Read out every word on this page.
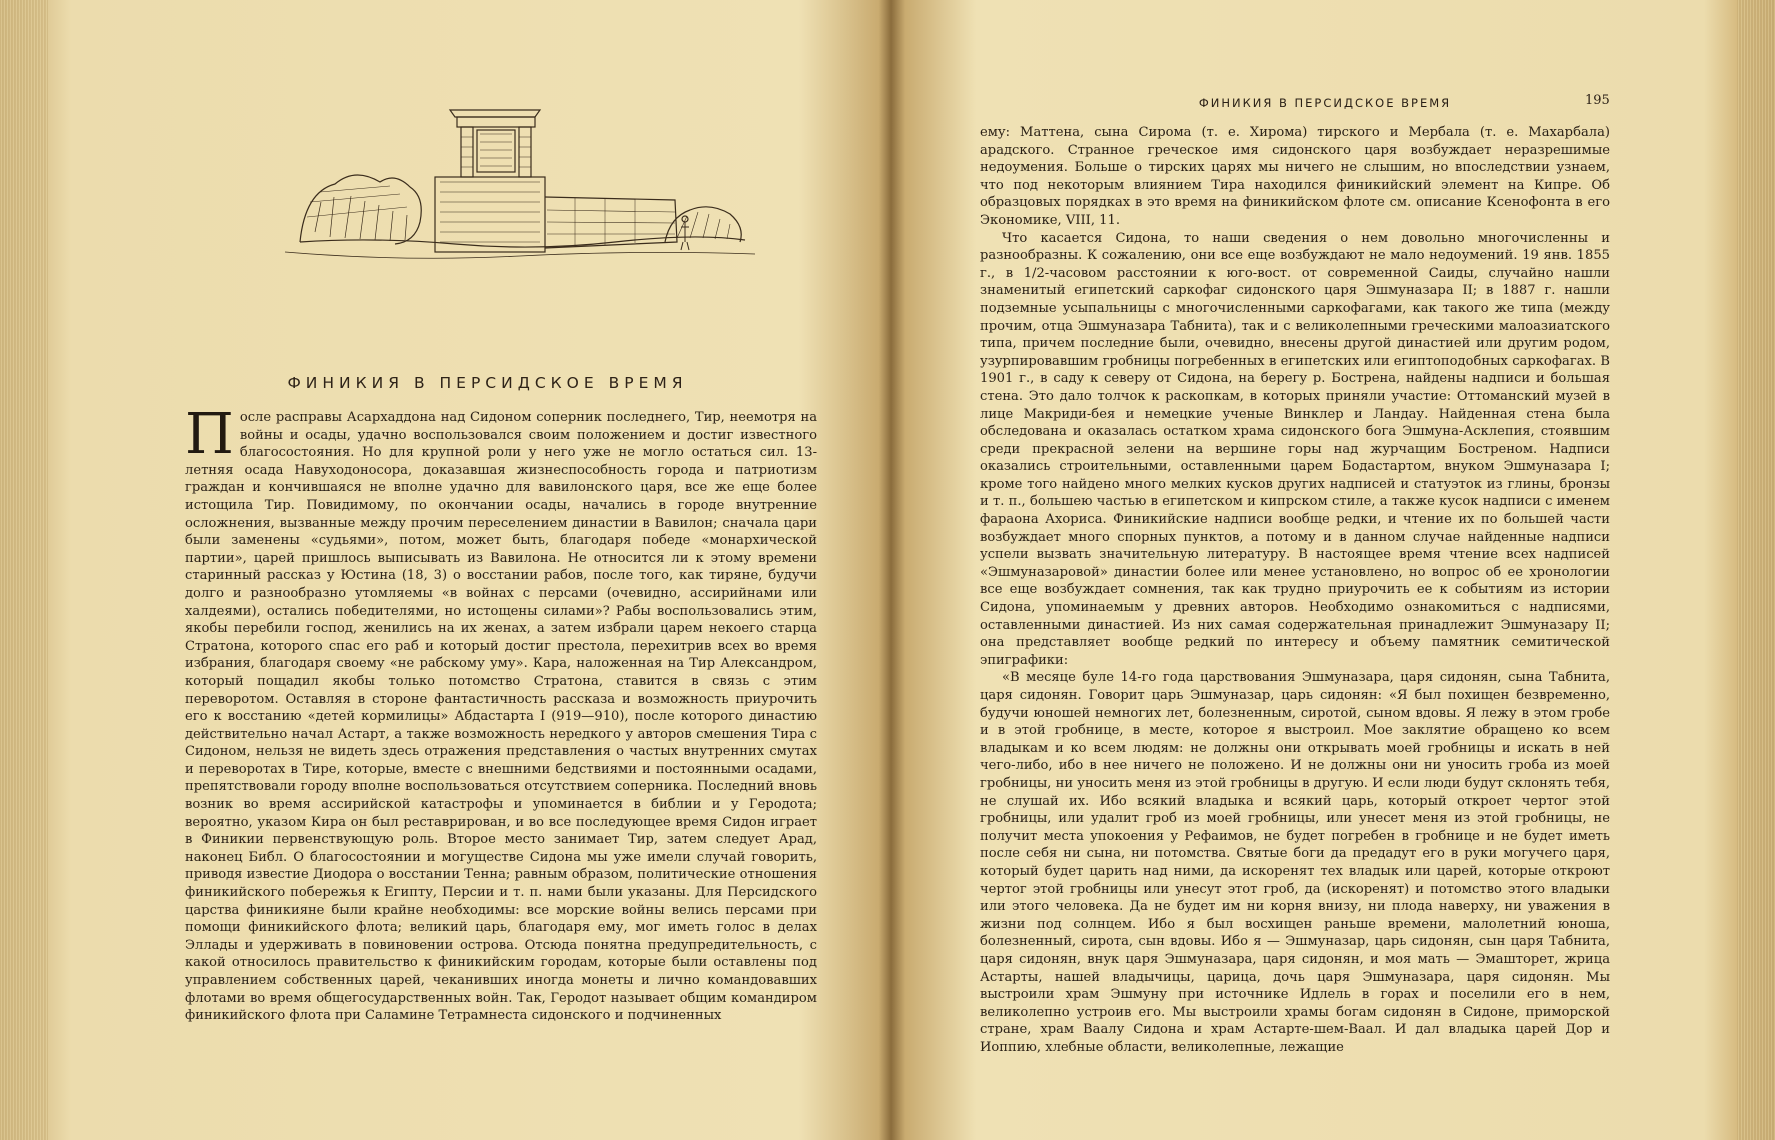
ФИНИКИЯ В ПЕРСИДСКОЕ ВРЕМЯ

После расправы Асархаддона над Сидоном соперник последнего, Тир, неемотря на войны и осады, удачно воспользовался своим положением и достиг известного благосостояния. Но для крупной роли у него уже не могло остаться сил. 13-летняя осада Навуходоносора, доказавшая жизнеспособность города и патриотизм граждан и кончившаяся не вполне удачно для вавилонского царя, все же еще более истощила Тир. Повидимому, по окончании осады, начались в городе внутренние осложнения, вызванные между прочим переселением династии в Вавилон; сначала цари были заменены «судьями», потом, может быть, благодаря победе «монархической партии», царей пришлось выписывать из Вавилона. Не относится ли к этому времени старинный рассказ у Юстина (18, 3) о восстании рабов, после того, как тиряне, будучи долго и разнообразно утомляемы «в войнах с персами (очевидно, ассирийнами или халдеями), остались победителями, но истощены силами»? Рабы воспользовались этим, якобы перебили господ, женились на их женах, а затем избрали царем некоего старца Стратона, которого спас его раб и который достиг престола, перехитрив всех во время избрания, благодаря своему «не рабскому уму». Кара, наложенная на Тир Александром, который пощадил якобы только потомство Стратона, ставится в связь с этим переворотом. Оставляя в стороне фантастичность рассказа и возможность приурочить его к восстанию «детей кормилицы» Абдастарта I (919—910), после которого династию действительно начал Астарт, а также возможность нередкого у авторов смешения Тира с Сидоном, нельзя не видеть здесь отражения представления о частых внутренних смутах и переворотах в Тире, которые, вместе с внешними бедствиями и постоянными осадами, препятствовали городу вполне воспользоваться отсутствием соперника. Последний вновь возник во время ассирийской катастрофы и упоминается в библии и у Геродота; вероятно, указом Кира он был реставрирован, и во все последующее время Сидон играет в Финикии первенствующую роль. Второе место занимает Тир, затем следует Арад, наконец Библ. О благосостоянии и могуществе Сидона мы уже имели случай говорить, приводя известие Диодора о восстании Тенна; равным образом, политические отношения финикийского побережья к Египту, Персии и т. п. нами были указаны. Для Персидского царства финикияне были крайне необходимы: все морские войны велись персами при помощи финикийского флота; великий царь, благодаря ему, мог иметь голос в делах Эллады и удерживать в повиновении острова. Отсюда понятна предупредительность, с какой относилось правительство к финикийским городам, которые были оставлены под управлением собственных царей, чеканивших иногда монеты и лично командовавших флотами во время общегосударственных войн. Так, Геродот называет общим командиром финикийского флота при Саламине Тетрамнеста сидонского и подчиненных

ФИНИКИЯ В ПЕРСИДСКОЕ ВРЕМЯ	195

ему: Маттена, сына Сирома (т. е. Хирома) тирского и Мербала (т. е. Махарбала) арадского. Странное греческое имя сидонского царя возбуждает неразрешимые недоумения. Больше о тирских царях мы ничего не слышим, но впоследствии узнаем, что под некоторым влиянием Тира находился финикийский элемент на Кипре. Об образцовых порядках в это время на финикийском флоте см. описание Ксенофонта в его Экономике, VIII, 11.

Что касается Сидона, то наши сведения о нем довольно многочисленны и разнообразны. К сожалению, они все еще возбуждают не мало недоумений. 19 янв. 1855 г., в 1/2-часовом расстоянии к юго-вост. от современной Саиды, случайно нашли знаменитый египетский саркофаг сидонского царя Эшмуназара II; в 1887 г. нашли подземные усыпальницы с многочисленными саркофагами, как такого же типа (между прочим, отца Эшмуназара Табнита), так и с великолепными греческими малоазиатского типа, причем последние были, очевидно, внесены другой династией или другим родом, узурпировавшим гробницы погребенных в египетских или египтоподобных саркофагах. В 1901 г., в саду к северу от Сидона, на берегу р. Бострена, найдены надписи и большая стена. Это дало толчок к раскопкам, в которых приняли участие: Оттоманский музей в лице Макриди-бея и немецкие ученые Винклер и Ландау. Найденная стена была обследована и оказалась остатком храма сидонского бога Эшмуна-Асклепия, стоявшим среди прекрасной зелени на вершине горы над журчащим Бостреном. Надписи оказались строительными, оставленными царем Бодастартом, внуком Эшмуназара I; кроме того найдено много мелких кусков других надписей и статуэток из глины, бронзы и т. п., большею частью в египетском и кипрском стиле, а также кусок надписи с именем фараона Ахориса. Финикийские надписи вообще редки, и чтение их по большей части возбуждает много спорных пунктов, а потому и в данном случае найденные надписи успели вызвать значительную литературу. В настоящее время чтение всех надписей «Эшмуназаровой» династии более или менее установлено, но вопрос об ее хронологии все еще возбуждает сомнения, так как трудно приурочить ее к событиям из истории Сидона, упоминаемым у древних авторов. Необходимо ознакомиться с надписями, оставленными династией. Из них самая содержательная принадлежит Эшмуназару II; она представляет вообще редкий по интересу и объему памятник семитической эпиграфики:

«В месяце буле 14-го года царствования Эшмуназара, царя сидонян, сына Табнита, царя сидонян. Говорит царь Эшмуназар, царь сидонян: «Я был похищен безвременно, будучи юношей немногих лет, болезненным, сиротой, сыном вдовы. Я лежу в этом гробе и в этой гробнице, в месте, которое я выстроил. Мое заклятие обращено ко всем владыкам и ко всем людям: не должны они открывать моей гробницы и искать в ней чего-либо, ибо в нее ничего не положено. И не должны они ни уносить гроба из моей гробницы, ни уносить меня из этой гробницы в другую. И если люди будут склонять тебя, не слушай их. Ибо всякий владыка и всякий царь, который откроет чертог этой гробницы, или удалит гроб из моей гробницы, или унесет меня из этой гробницы, не получит места упокоения у Рефаимов, не будет погребен в гробнице и не будет иметь после себя ни сына, ни потомства. Святые боги да предадут его в руки могучего царя, который будет царить над ними, да искоренят тех владык или царей, которые откроют чертог этой гробницы или унесут этот гроб, да (искоренят) и потомство этого владыки или этого человека. Да не будет им ни корня внизу, ни плода наверху, ни уважения в жизни под солнцем. Ибо я был восхищен раньше времени, малолетний юноша, болезненный, сирота, сын вдовы. Ибо я — Эшмуназар, царь сидонян, сын царя Табнита, царя сидонян, внук царя Эшмуназара, царя сидонян, и моя мать — Эмашторет, жрица Астарты, нашей владычицы, царица, дочь царя Эшмуназара, царя сидонян. Мы выстроили храм Эшмуну при источнике Идлель в горах и поселили его в нем, великолепно устроив его. Мы выстроили храмы богам сидонян в Сидоне, приморской стране, храм Ваалу Сидона и храм Астарте-шем-Ваал. И дал владыка царей Дор и Иоппию, хлебные области, великолепные, лежащие
